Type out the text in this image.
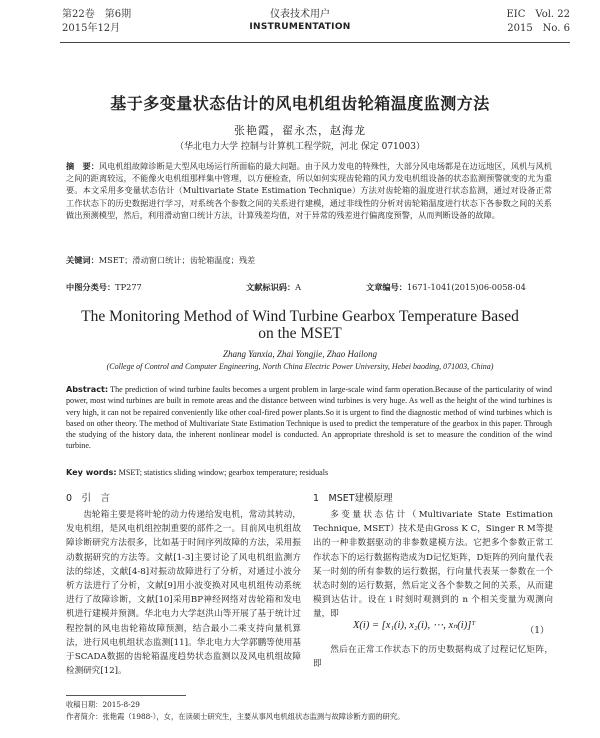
第22卷　第6期
2015年12月
仪表技术用户
INSTRUMENTATION
EIC　Vol. 22
2015　No. 6
基于多变量状态估计的风电机组齿轮箱温度监测方法
张艳霞，翟永杰，赵海龙
（华北电力大学 控制与计算机工程学院，河北 保定 071003）
摘　要：风电机组故障诊断是大型风电场运行所面临的最大问题。由于风力发电的特殊性，大部分风电场都是在边远地区，风机与风机之间的距离较远，不能像火电机组那样集中管理，以方便检查，所以如何实现齿轮箱的风力发电机组设备的状态监测预警就变的尤为重要。本文采用多变量状态估计（Multivariate State Estimation Technique）方法对齿轮箱的温度进行状态监测，通过对设备正常工作状态下的历史数据进行学习，对系统各个参数之间的关系进行建模，通过非线性的分析对齿轮箱温度进行状态下各参数之间的关系做出预测模型，然后，利用滑动窗口统计方法，计算残差均值，对于异常的残差进行偏离度预警，从而判断设备的故障。
关键词：MSET；滑动窗口统计；齿轮箱温度；残差
中图分类号：TP277	文献标识码：A	文章编号：1671-1041(2015)06-0058-04
The Monitoring Method of Wind Turbine Gearbox Temperature Based on the MSET
Zhang Yanxia, Zhai Yongjie, Zhao Hailong
(College of Control and Computer Engineering, North China Electric Power University, Hebei baoding, 071003, China)
Abstract: The prediction of wind turbine faults becomes a urgent problem in large-scale wind farm operation.Because of the particularity of wind power, most wind turbines are built in remote areas and the distance between wind turbines is very huge. As well as the height of the wind turbines is very high, it can not be repaired conveniently like other coal-fired power plants.So it is urgent to find the diagnostic method of wind turbines which is based on other theory. The method of Multivariate State Estimation Technique is used to predict the temperature of the gearbox in this paper. Through the studying of the history data, the inherent nonlinear model is conducted. An appropriate threshold is set to measure the condition of the wind turbine.
Key words: MSET; statistics sliding window; gearbox temperature; residuals
0　引　言
齿轮箱主要是将叶轮的动力传递给发电机，常动其转动，发电机组，是风电机组控制重要的部件之一。目前风电机组故障诊断研究方法很多，比如基于时间序列故障的方法，采用振动数据研究的方法等。文献[1-3]主要讨论了风电机组监测方法的综述，文献[4-8]对振动故障进行了分析，对通过小波分析方法进行了分析，文献[9]用小波变换对风电机组传动系统进行了故障诊断，文献[10]采用BP神经网络对齿轮箱和发电机进行建模并预测。华北电力大学赵洪山等开展了基于统计过程控制的风电齿轮箱故障预测，结合最小二乘支持向量机算法，进行风电机组状态监测[11]。华北电力大学郭鹏等使用基于SCADA数据的齿轮箱温度趋势状态监测以及风电机组故障检测研究[12]。
1　MSET建模原理
多变量状态估计（Multivariate State Estimation Technique, MSET）技术是由Gross K C，Singer R M等提出的一种非数据驱动的非参数建模方法。它把多个参数正常工作状态下的运行数据构造成为D记忆矩阵，D矩阵的列向量代表某一时刻的所有参数的运行数据，行向量代表某一参数在一个状态时刻的运行数据，然后定义各个参数之间的关系，从而建模到达估计。设在 i 时刻时观测到的 n 个相关变量为观测向量，即
X(i) = [x₁(i), x₂(i), ⋯, xₙ(i)]ᵀ	（1）
然后在正常工作状态下的历史数据构成了过程记忆矩阵，即
收稿日期：2015-8-29
作者简介：张艳霞（1988-），女，在读硕士研究生，主要从事风电机组状态监测与故障诊断方面的研究。
